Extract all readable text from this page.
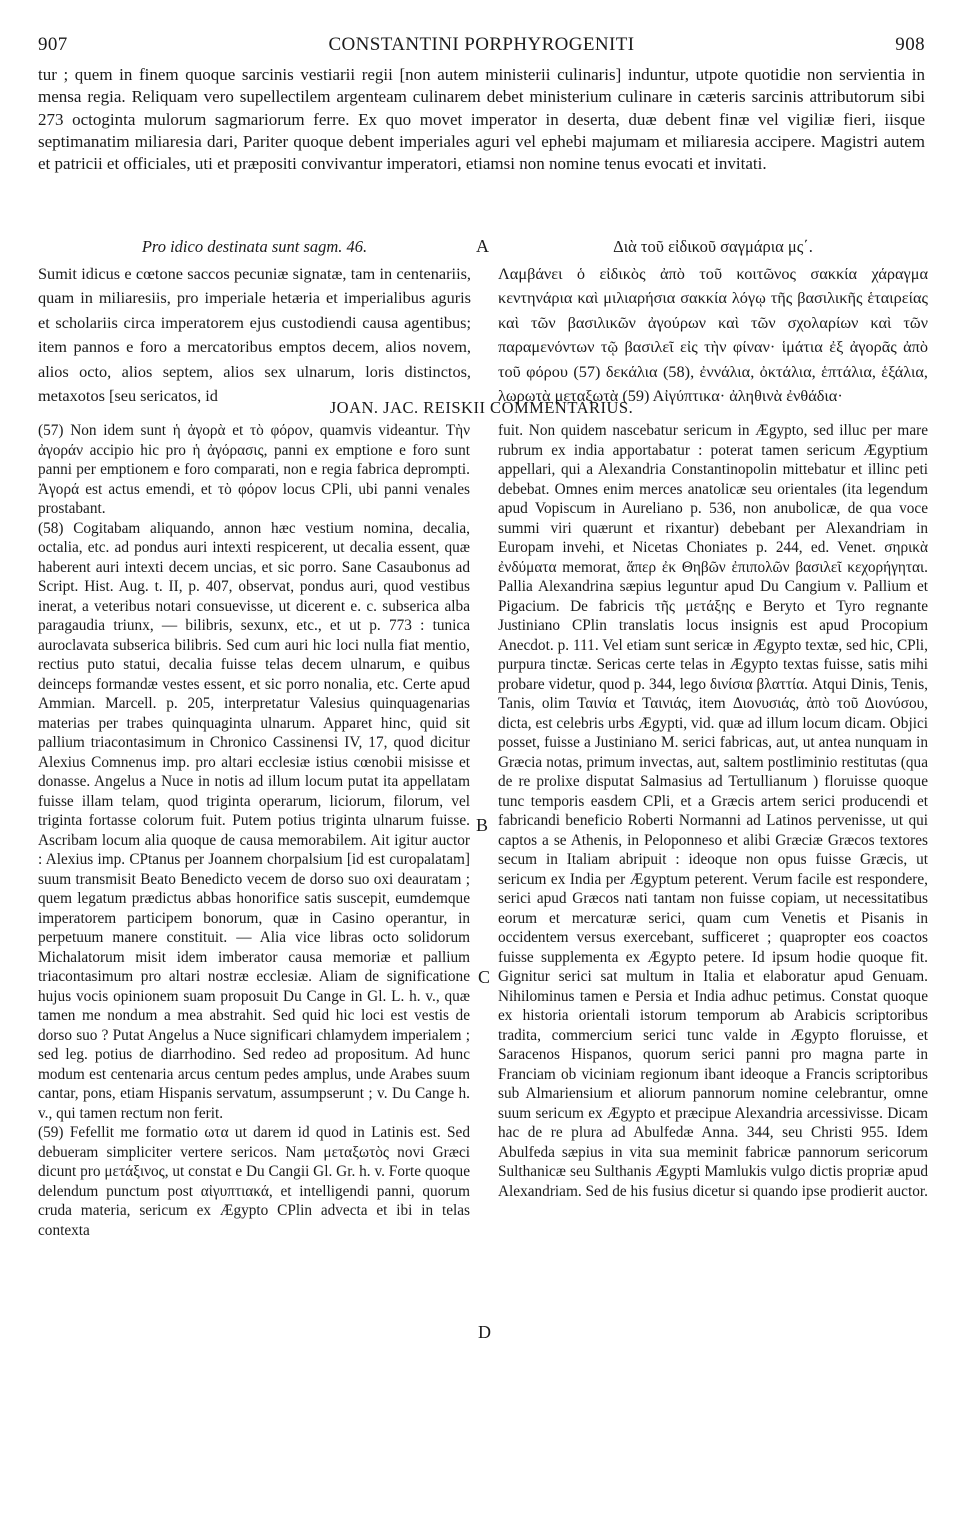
907	CONSTANTINI PORPHYROGENITI	908
tur ; quem in finem quoque sarcinis vestiarii regii [non autem ministerii culinaris] induntur, utpote quotidie non servientia in mensa regia. Reliquam vero supellectilem argenteam culinarem debet ministerium culinare in cæteris sarcinis attributorum sibi 273 octoginta mulorum sagmariorum ferre. Ex quo movet imperator in deserta, duæ debent finæ vel vigiliæ fieri, iisque septimanatim miliaresia dari, Pariter quoque debent imperiales aguri vel ephebi majumam et miliaresia accipere. Magistri autem et patricii et officiales, uti et præpositi convivantur imperatori, etiamsi non nomine tenus evocati et invitati.
Pro idico destinata sunt sagm. 46.
Sumit idicus e cœtone saccos pecuniæ signatæ, tam in centenariis, quam in miliaresiis, pro imperiale hetæria et imperialibus aguris et scholariis circa imperatorem ejus custodiendi causa agentibus; item pannos e foro a mercatoribus emptos decem, alios novem, alios octo, alios septem, alios sex ulnarum, loris distinctos, metaxotos [seu sericatos, id
Διὰ τοῦ εἰδικοῦ σαγμάρια μς΄.
Λαμβάνει ὁ εἰδικὸς ἀπὸ τοῦ κοιτῶνος σακκία χάραγμα κεντηνάρια καὶ μιλιαρήσια σακκία λόγῳ τῆς βασιλικῆς ἑταιρείας καὶ τῶν βασιλικῶν ἀγούρων καὶ τῶν σχολαρίων καὶ τῶν παραμενόντων τῷ βασιλεῖ εἰς τὴν φίναν· ἱμάτια ἐξ ἀγορᾶς ἀπὸ τοῦ φόρου (57) δεκάλια (58), ἐννάλια, ὀκτάλια, ἑπτάλια, ἑξάλια, λωρωτὰ μεταξωτὰ (59) Αἰγύπτικα· ἀληθινὰ ἐνθάδια·
A
B
C
D
JOAN. JAC. REISKII COMMENTARIUS.

(57) Non idem sunt ἡ ἀγορὰ et τὸ φόρον, quamvis videantur. Τὴν ἀγοράν accipio hic pro ἡ ἀγόρασις, panni ex emptione e foro sunt panni per emptionem e foro comparati, non e regia fabrica deprompti. Ἀγορά est actus emendi, et τὸ φόρον locus CPli, ubi panni venales prostabant.

(58) Cogitabam aliquando, annon hæc vestium nomina, decalia, octalia, etc. ad pondus auri intexti respicerent, ut decalia essent, quæ haberent auri intexti decem uncias, et sic porro. Sane Casaubonus ad Script. Hist. Aug. t. II, p. 407, observat, pondus auri, quod vestibus inerat, a veteribus notari consuevisse, ut dicerent e. c. subserica alba paragaudia triunx, — bilibris, sexunx, etc., et ut p. 773 : tunica auroclavata subserica bilibris. Sed cum auri hic loci nulla fiat mentio, rectius puto statui, decalia fuisse telas decem ulnarum, e quibus deinceps formandæ vestes essent, et sic porro nonalia, etc. Certe apud Ammian. Marcell. p. 205, interpretatur Valesius quinquagenarias materias per trabes quinquaginta ulnarum. Apparet hinc, quid sit pallium triacontasimum in Chronico Cassinensi IV, 17, quod dicitur Alexius Comnenus imp. pro altari ecclesiæ istius cœnobii misisse et donasse. Angelus a Nuce in notis ad illum locum putat ita appellatam fuisse illam telam, quod triginta operarum, liciorum, filorum, vel triginta fortasse colorum fuit. Putem potius triginta ulnarum fuisse. Ascribam locum alia quoque de causa memorabilem. Ait igitur auctor : Alexius imp. CPtanus per Joannem chorpalsium [id est curopalatam] suum transmisit Beato Benedicto vecem de dorso suo oxi deauratam ; quem legatum prædictus abbas honorifice satis suscepit, eumdemque imperatorem participem bonorum, quæ in Casino operantur, in perpetuum manere constituit. — Alia vice libras octo solidorum Michalatorum misit idem imberator causa memoriæ et pallium triacontasimum pro altari nostræ ecclesiæ. Aliam de significatione hujus vocis opinionem suam proposuit Du Cange in Gl. L. h. v., quæ tamen me nondum a mea abstrahit. Sed quid hic loci est vestis de dorso suo ? Putat Angelus a Nuce significari chlamydem imperialem ; sed leg. potius de diarrhodino. Sed redeo ad propositum. Ad hunc modum est centenaria arcus centum pedes amplus, unde Arabes suum cantar, pons, etiam Hispanis servatum, assumpserunt ; v. Du Cange h. v., qui tamen rectum non ferit.

(59) Fefellit me formatio ωτα ut darem id quod in Latinis est. Sed debueram simpliciter vertere sericos. Nam μεταξωτὸς novi Græci dicunt pro μετάξινος, ut constat e Du Cangii Gl. Gr. h. v. Forte quoque delendum punctum post αἰγυπτιακά, et intelligendi panni, quorum cruda materia, sericum ex Ægypto CPlin advecta et ibi in telas contexta

fuit. Non quidem nascebatur sericum in Ægypto, sed illuc per mare rubrum ex india apportabatur : poterat tamen sericum Ægyptium appellari, qui a Alexandria Constantinopolin mittebatur et illinc peti debebat. Omnes enim merces anatolicæ seu orientales (ita legendum apud Vopiscum in Aureliano p. 536, non anubolicæ, de qua voce summi viri quærunt et rixantur) debebant per Alexandriam in Europam invehi, et Nicetas Choniates p. 244, ed. Venet. σηρικὰ ἐνδύματα memorat, ἅπερ ἐκ Θηβῶν ἐπιπολῶν βασιλεῖ κεχορήγηται. Pallia Alexandrina sæpius leguntur apud Du Cangium v. Pallium et Pigacium. De fabricis τῆς μετάξης e Beryto et Tyro regnante Justiniano CPlin translatis locus insignis est apud Procopium Anecdot. p. 111. Vel etiam sunt sericæ in Ægypto textæ, sed hic, CPli, purpura tinctæ. Sericas certe telas in Ægypto textas fuisse, satis mihi probare videtur, quod p. 344, lego δινίσια βλαττία. Atqui Dinis, Tenis, Tanis, olim Ταινία et Ταινιάς, item Διονυσιάς, ἀπὸ τοῦ Διονύσου, dicta, est celebris urbs Ægypti, vid. quæ ad illum locum dicam. Objici posset, fuisse a Justiniano M. serici fabricas, aut, ut antea nunquam in Græcia notas, primum invectas, aut, saltem postliminio restitutas (qua de re prolixe disputat Salmasius ad Tertullianum ) floruisse quoque tunc temporis easdem CPli, et a Græcis artem serici producendi et fabricandi beneficio Roberti Normanni ad Latinos pervenisse, ut qui captos a se Athenis, in Peloponneso et alibi Græciæ Græcos textores secum in Italiam abripuit : ideoque non opus fuisse Græcis, ut sericum ex India per Ægyptum peterent. Verum facile est respondere, serici apud Græcos nati tantam non fuisse copiam, ut necessitatibus eorum et mercaturæ serici, quam cum Venetis et Pisanis in occidentem versus exercebant, sufficeret ; quapropter eos coactos fuisse supplementa ex Ægypto petere. Id ipsum hodie quoque fit. Gignitur serici sat multum in Italia et elaboratur apud Genuam. Nihilominus tamen e Persia et India adhuc petimus. Constat quoque ex historia orientali istorum temporum ab Arabicis scriptoribus tradita, commercium serici tunc valde in Ægypto floruisse, et Saracenos Hispanos, quorum serici panni pro magna parte in Franciam ob viciniam regionum ibant ideoque a Francis scriptoribus sub Almariensium et aliorum pannorum nomine celebrantur, omne suum sericum ex Ægypto et præcipue Alexandria arcessivisse. Dicam hac de re plura ad Abulfedæ Anna. 344, seu Christi 955. Idem Abulfeda sæpius in vita sua meminit fabricæ pannorum sericorum Sulthanicæ seu Sulthanis Ægypti Mamlukis vulgo dictis propriæ apud Alexandriam. Sed de his fusius dicetur si quando ipse prodierit auctor.
